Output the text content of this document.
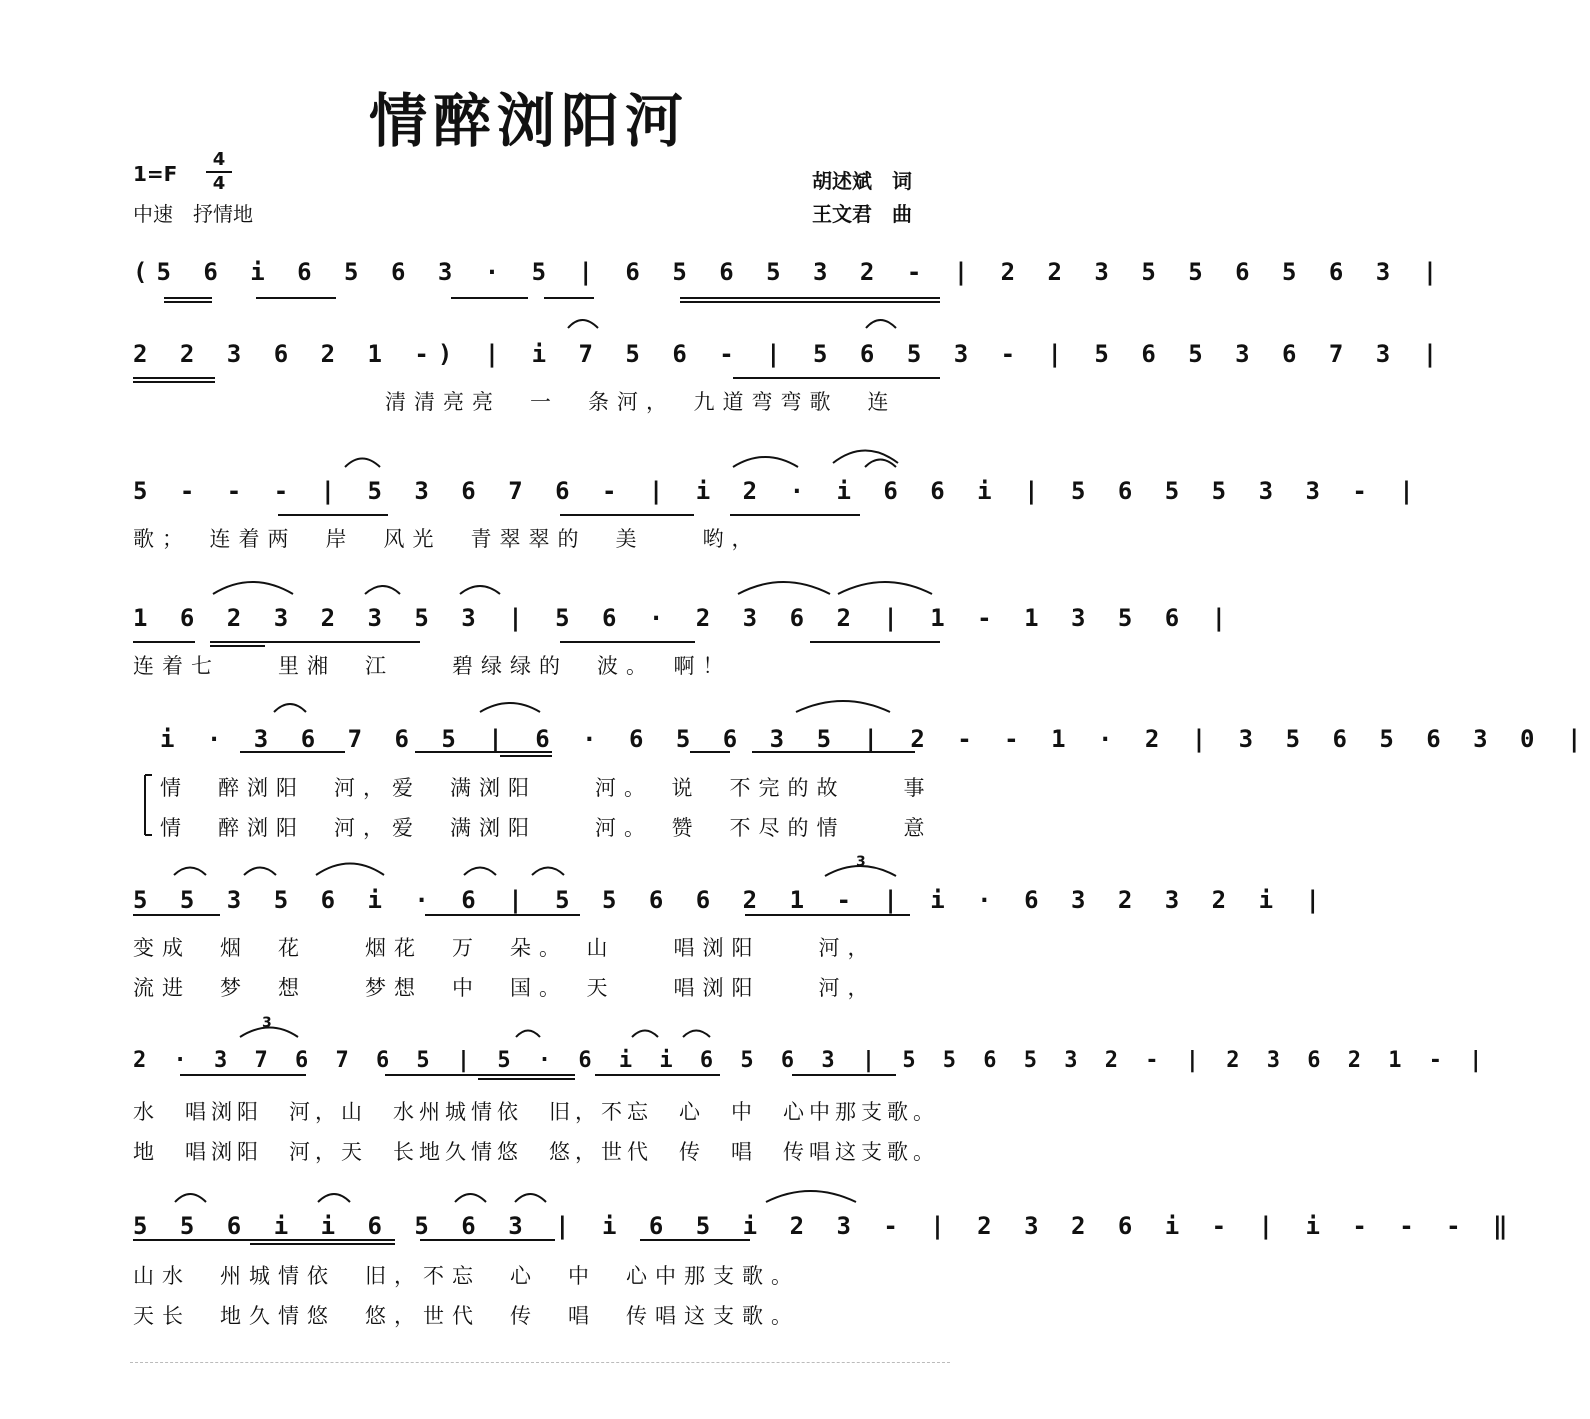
情醉浏阳河
1=F
4
4
中速　抒情地
胡述斌　词
王文君　曲
(5 6 i 6 5 6 3 · 5 | 6 5 6 5 3 2 - | 2 2 3 5 5 6 5 6 3 |
2 2 3 6 2 1 -) | i 7 5 6 - | 5 6 5 3 - | 5 6 5 3 6 7 3 |
清清亮亮　一　条河，　九道弯弯歌　连
5 - - - | 5 3 6 7 6 - | i 2 · i 6 6 i | 5 6 5 5 3 3 - |
歌；　连着两　岸　风光　青翠翠的　美　　哟，
1 6 2 3 2 3 5 3 | 5 6 · 2 3 6 2 | 1 - 1 3 5 6 |
连着七　　里湘　江　　碧绿绿的　波。　啊！
i · 3 6 7 6 5 | 6 · 6 5 6 3 5 | 2 - - 1 · 2 | 3 5 6 5 6 3 0 |
情　醉浏阳　河，爱　满浏阳　　河。　说　不完的故　　事
情　醉浏阳　河，爱　满浏阳　　河。　赞　不尽的情　　意
5 5 3 5 6 i · 6 | 5 5 6 6 2 1 - | i · 6 3 2 3 2 i |
变成　烟　花　　烟花　万　朵。　山　　唱浏阳　　河，
流进　梦　想　　梦想　中　国。　天　　唱浏阳　　河，
2 · 3 7 6 7 6 5 | 5 · 6 i i 6 5 6 3 | 5 5 6 5 3 2 - | 2 3 6 2 1 - |
水　唱浏阳　河，山　水州城情依　旧，不忘　心　中　心中那支歌。
地　唱浏阳　河，天　长地久情悠　悠，世代　传　唱　传唱这支歌。
5 5 6 i i 6 5 6 3 | i 6 5 i 2 3 - | 2 3 2 6 i - | i - - - ‖
山水　州城情依　旧，不忘　心　中　心中那支歌。
天长　地久情悠　悠，世代　传　唱　传唱这支歌。
3
3
